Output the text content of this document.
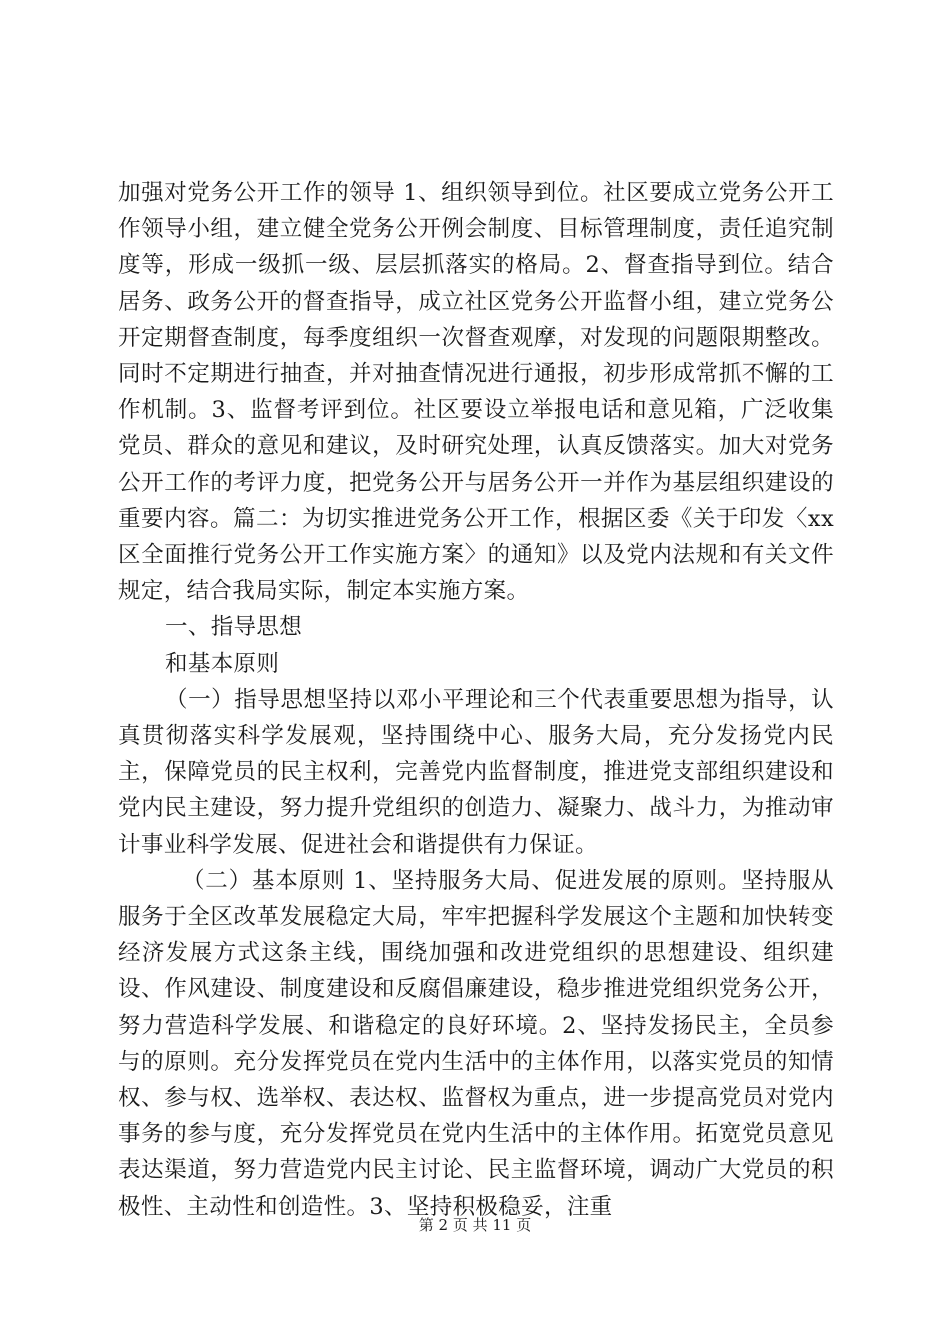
加强对党务公开工作的领导 1、组织领导到位。社区要成立党务公开工作领导小组，建立健全党务公开例会制度、目标管理制度，责任追究制度等，形成一级抓一级、层层抓落实的格局。2、督查指导到位。结合居务、政务公开的督查指导，成立社区党务公开监督小组，建立党务公开定期督查制度，每季度组织一次督查观摩，对发现的问题限期整改。同时不定期进行抽查，并对抽查情况进行通报，初步形成常抓不懈的工作机制。3、监督考评到位。社区要设立举报电话和意见箱，广泛收集党员、群众的意见和建议，及时研究处理，认真反馈落实。加大对党务公开工作的考评力度，把党务公开与居务公开一并作为基层组织建设的重要内容。篇二：为切实推进党务公开工作，根据区委《关于印发〈xx 区全面推行党务公开工作实施方案〉的通知》以及党内法规和有关文件规定，结合我局实际，制定本实施方案。

一、指导思想

和基本原则

（一）指导思想坚持以邓小平理论和三个代表重要思想为指导，认真贯彻落实科学发展观，坚持围绕中心、服务大局，充分发扬党内民主，保障党员的民主权利，完善党内监督制度，推进党支部组织建设和党内民主建设，努力提升党组织的创造力、凝聚力、战斗力，为推动审计事业科学发展、促进社会和谐提供有力保证。

（二）基本原则 1、坚持服务大局、促进发展的原则。坚持服从服务于全区改革发展稳定大局，牢牢把握科学发展这个主题和加快转变经济发展方式这条主线，围绕加强和改进党组织的思想建设、组织建设、作风建设、制度建设和反腐倡廉建设，稳步推进党组织党务公开，努力营造科学发展、和谐稳定的良好环境。2、坚持发扬民主，全员参与的原则。充分发挥党员在党内生活中的主体作用，以落实党员的知情权、参与权、选举权、表达权、监督权为重点，进一步提高党员对党内事务的参与度，充分发挥党员在党内生活中的主体作用。拓宽党员意见表达渠道，努力营造党内民主讨论、民主监督环境，调动广大党员的积极性、主动性和创造性。3、坚持积极稳妥，注重

第 2 页 共 11 页
